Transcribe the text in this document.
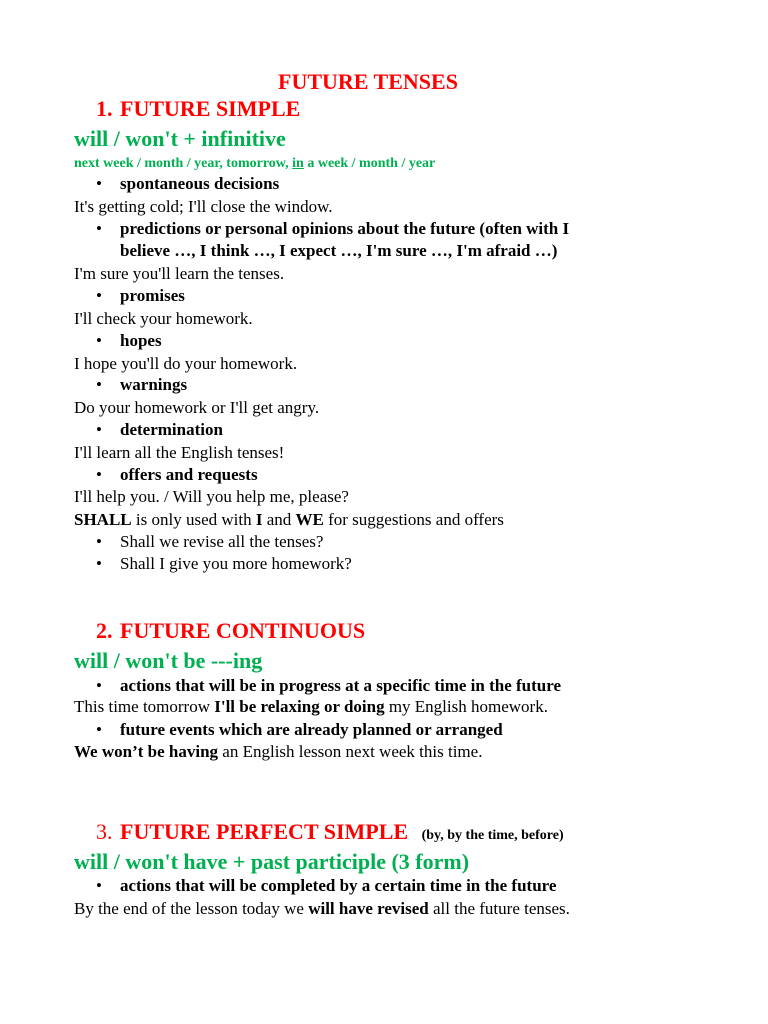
FUTURE TENSES
1. FUTURE SIMPLE
will / won't + infinitive
next week / month / year, tomorrow, in a week / month / year
• spontaneous decisions
It's getting cold; I'll close the window.
• predictions or personal opinions about the future (often with I
believe …, I think …, I expect …, I'm sure …, I'm afraid …)
I'm sure you'll learn the tenses.
• promises
I'll check your homework.
• hopes
I hope you'll do your homework.
• warnings
Do your homework or I'll get angry.
• determination
I'll learn all the English tenses!
• offers and requests
I'll help you. / Will you help me, please?
SHALL is only used with I and WE for suggestions and offers
• Shall we revise all the tenses?
• Shall I give you more homework?
2. FUTURE CONTINUOUS
will / won't be ---ing
• actions that will be in progress at a specific time in the future
This time tomorrow I'll be relaxing or doing my English homework.
• future events which are already planned or arranged
We won’t be having an English lesson next week this time.
3. FUTURE PERFECT SIMPLE (by, by the time, before)
will / won't have + past participle (3 form)
• actions that will be completed by a certain time in the future
By the end of the lesson today we will have revised all the future tenses.
